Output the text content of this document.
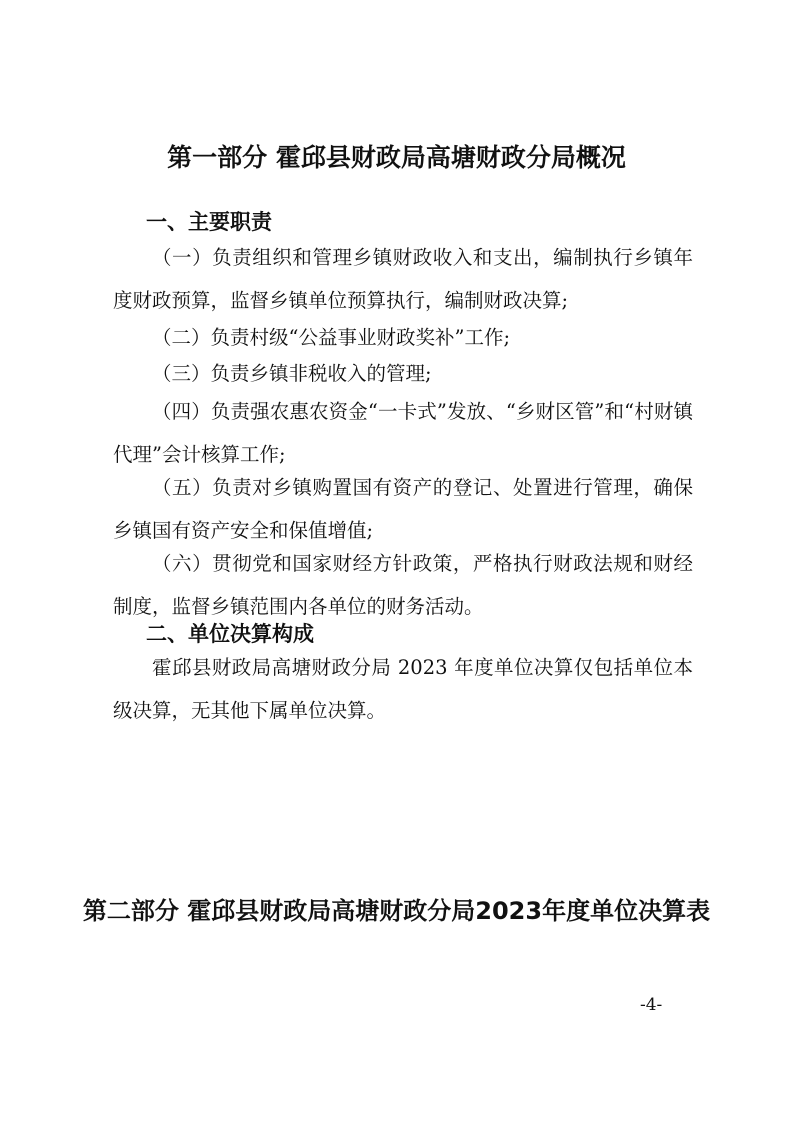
第一部分 霍邱县财政局高塘财政分局概况
一、主要职责
（一）负责组织和管理乡镇财政收入和支出，编制执行乡镇年度财政预算，监督乡镇单位预算执行，编制财政决算;
（二）负责村级“公益事业财政奖补”工作;
（三）负责乡镇非税收入的管理;
（四）负责强农惠农资金“一卡式”发放、“乡财区管”和“村财镇代理”会计核算工作;
（五）负责对乡镇购置国有资产的登记、处置进行管理，确保乡镇国有资产安全和保值增值;
（六）贯彻党和国家财经方针政策，严格执行财政法规和财经制度，监督乡镇范围内各单位的财务活动。
二、单位决算构成
霍邱县财政局高塘财政分局 2023 年度单位决算仅包括单位本级决算，无其他下属单位决算。
第二部分 霍邱县财政局高塘财政分局2023年度单位决算表
-4-
